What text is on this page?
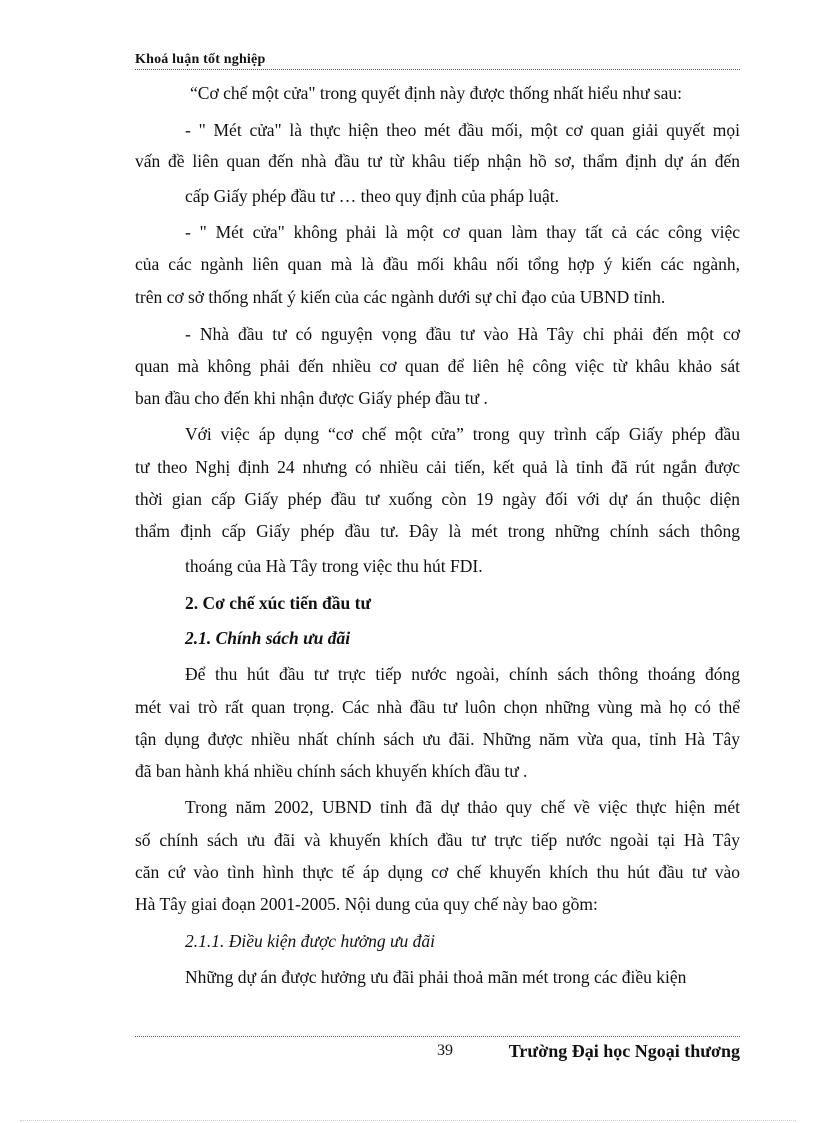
Khoá luận tốt nghiệp
“Cơ chế một cửa" trong quyết định này được thống nhất hiểu như sau:
- " Mét cửa" là thực hiện theo mét đầu mối, một cơ quan giải quyết mọi
vấn đề liên quan đến nhà đầu tư từ khâu tiếp nhận hồ sơ, thẩm định dự án đến
cấp Giấy phép đầu tư … theo quy định của pháp luật.
- " Mét cửa" không phải là một cơ quan làm thay tất cả các công việc
của các ngành liên quan mà là đầu mối khâu nối tổng hợp ý kiến các ngành,
trên cơ sở thống nhất ý kiến của các ngành dưới sự chỉ đạo của UBND tỉnh.
- Nhà đầu tư có nguyện vọng đầu tư vào Hà Tây chỉ phải đến một cơ
quan mà không phải đến nhiều cơ quan để liên hệ công việc từ khâu khảo sát
ban đầu cho đến khi nhận được Giấy phép đầu tư .
Với việc áp dụng “cơ chế một cửa” trong quy trình cấp Giấy phép đầu
tư theo Nghị định 24 nhưng có nhiều cải tiến, kết quả là tỉnh đã rút ngắn được
thời gian cấp Giấy phép đầu tư xuống còn 19 ngày đối với dự án thuộc diện
thẩm định cấp Giấy phép đầu tư. Đây là mét trong những chính sách thông
thoáng của Hà Tây trong việc thu hút FDI.
2. Cơ chế xúc tiến đầu tư
2.1. Chính sách ưu đãi
Để thu hút đầu tư trực tiếp nước ngoài, chính sách thông thoáng đóng
mét vai trò rất quan trọng. Các nhà đầu tư luôn chọn những vùng mà họ có thể
tận dụng được nhiều nhất chính sách ưu đãi. Những năm vừa qua, tỉnh Hà Tây
đã ban hành khá nhiều chính sách khuyến khích đầu tư .
Trong năm 2002, UBND tỉnh đã dự thảo quy chế về việc thực hiện mét
số chính sách ưu đãi và khuyến khích đầu tư trực tiếp nước ngoài tại Hà Tây
căn cứ vào tình hình thực tế áp dụng cơ chế khuyến khích thu hút đầu tư vào
Hà Tây giai đoạn 2001-2005. Nội dung của quy chế này bao gồm:
2.1.1. Điều kiện được hưởng ưu đãi
Những dự án được hưởng ưu đãi phải thoả mãn mét trong các điều kiện
39	Trường Đại học Ngoại thương
